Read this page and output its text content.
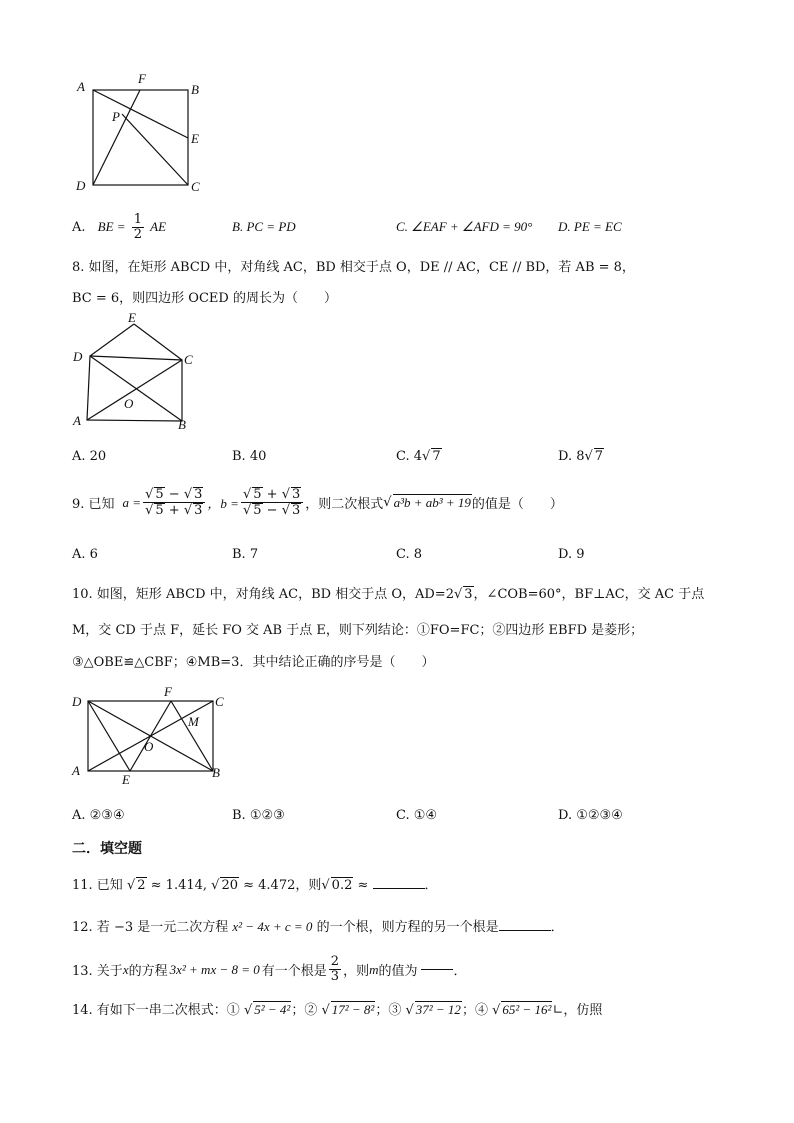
A
F
B
P
E
D	C
A. BE = $\frac{1}{2}$ AE	B. PC = PD	C. ∠EAF + ∠AFD = 90° D. PE = EC
8. 如图，在矩形 ABCD 中，对角线 AC，BD 相交于点 O，DE // AC，CE // BD，若 AB = 8，
BC = 6，则四边形 OCED 的周长为（　　）
E
D	C
O
A	B
A. 20	B. 40	C. 4√ 7	D. 8√ 7
9. 已知 $a = \frac{√ 5 - √ 3}{√ 5 + √ 3}$ ，$b = \frac{√ 5 + √ 3}{√ 5 - √ 3}$ ，则二次根式 √ a³b + ab³ + 19 的值是（　　）
A. 6	B. 7	C. 8	D. 9
10. 如图，矩形 ABCD 中，对角线 AC，BD 相交于点 O，AD=2√ 3，∠COB=60°，BF⊥AC，交 AC 于点
M，交 CD 于点 F，延长 FO 交 AB 于点 E，则下列结论：①FO=FC；②四边形 EBFD 是菱形；
③△OBE≌△CBF；④MB=3．其中结论正确的序号是（　　）
D
F
C
M
O
A
E	B
A. ②③④	B. ①②③	C. ①④	D. ①②③④
二．填空题
11. 已知 √ 2 ≈ 1.414, √ 20 ≈ 4.472，则√ 0.2 ≈	．
12. 若 −3 是一元二次方程 x² − 4x + c = 0 的一个根，则方程的另一个根是	．
13. 关于 x 的方程 3x² + mx − 8 = 0 有一个根是 $\frac{2}{3}$ ，则 m 的值为	．
14. 有如下一串二次根式：① √ 5² − 4²；② √ 17² − 8²；③ √ 37² − 12；④ √ 65² − 16²∟，仿照
